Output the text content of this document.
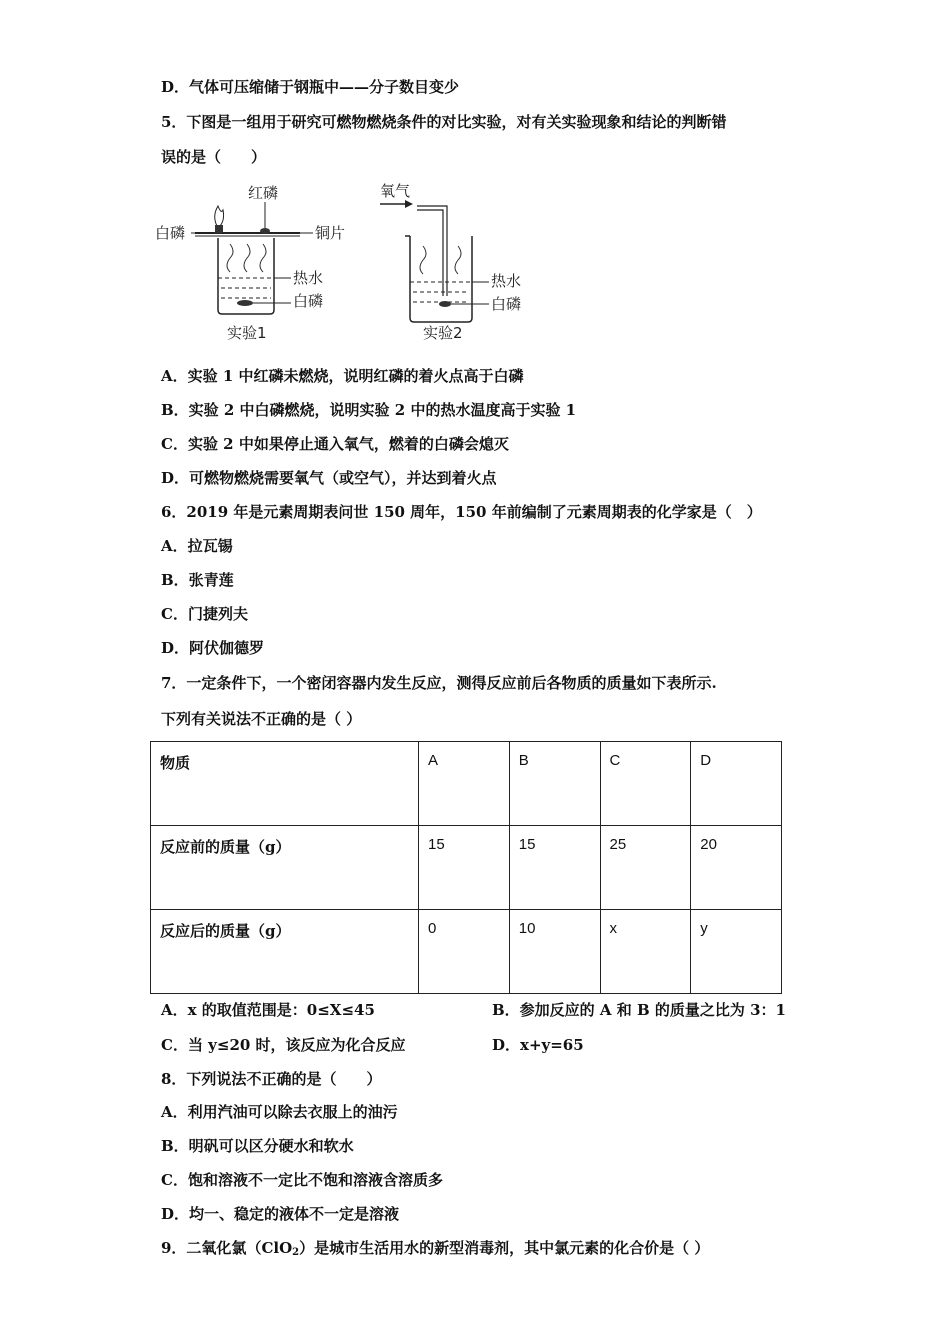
D．气体可压缩储于钢瓶中——分子数目变少
5．下图是一组用于研究可燃物燃烧条件的对比实验，对有关实验现象和结论的判断错
误的是（　　）
红磷
白磷	铜片
热水
白磷
实验1
氧气
热水
白磷
实验2
A．实验 1 中红磷未燃烧，说明红磷的着火点高于白磷
B．实验 2 中白磷燃烧，说明实验 2 中的热水温度高于实验 1
C．实验 2 中如果停止通入氧气，燃着的白磷会熄灭
D．可燃物燃烧需要氧气（或空气），并达到着火点
6．2019 年是元素周期表问世 150 周年，150 年前编制了元素周期表的化学家是（　）
A．拉瓦锡
B．张青莲
C．门捷列夫
D．阿伏伽德罗
7．一定条件下，一个密闭容器内发生反应，测得反应前后各物质的质量如下表所示.
下列有关说法不正确的是（ ）
物质	A	B	C	D
反应前的质量（g）	15	15	25	20
反应后的质量（g）	0	10	x	y
A．x 的取值范围是：0≤X≤45	B．参加反应的 A 和 B 的质量之比为 3：1
C．当 y≤20 时，该反应为化合反应	D．x+y=65
8．下列说法不正确的是（　　）
A．利用汽油可以除去衣服上的油污
B．明矾可以区分硬水和软水
C．饱和溶液不一定比不饱和溶液含溶质多
D．均一、稳定的液体不一定是溶液
9．二氧化氯（ClO$_2$）是城市生活用水的新型消毒剂，其中氯元素的化合价是（ ）
